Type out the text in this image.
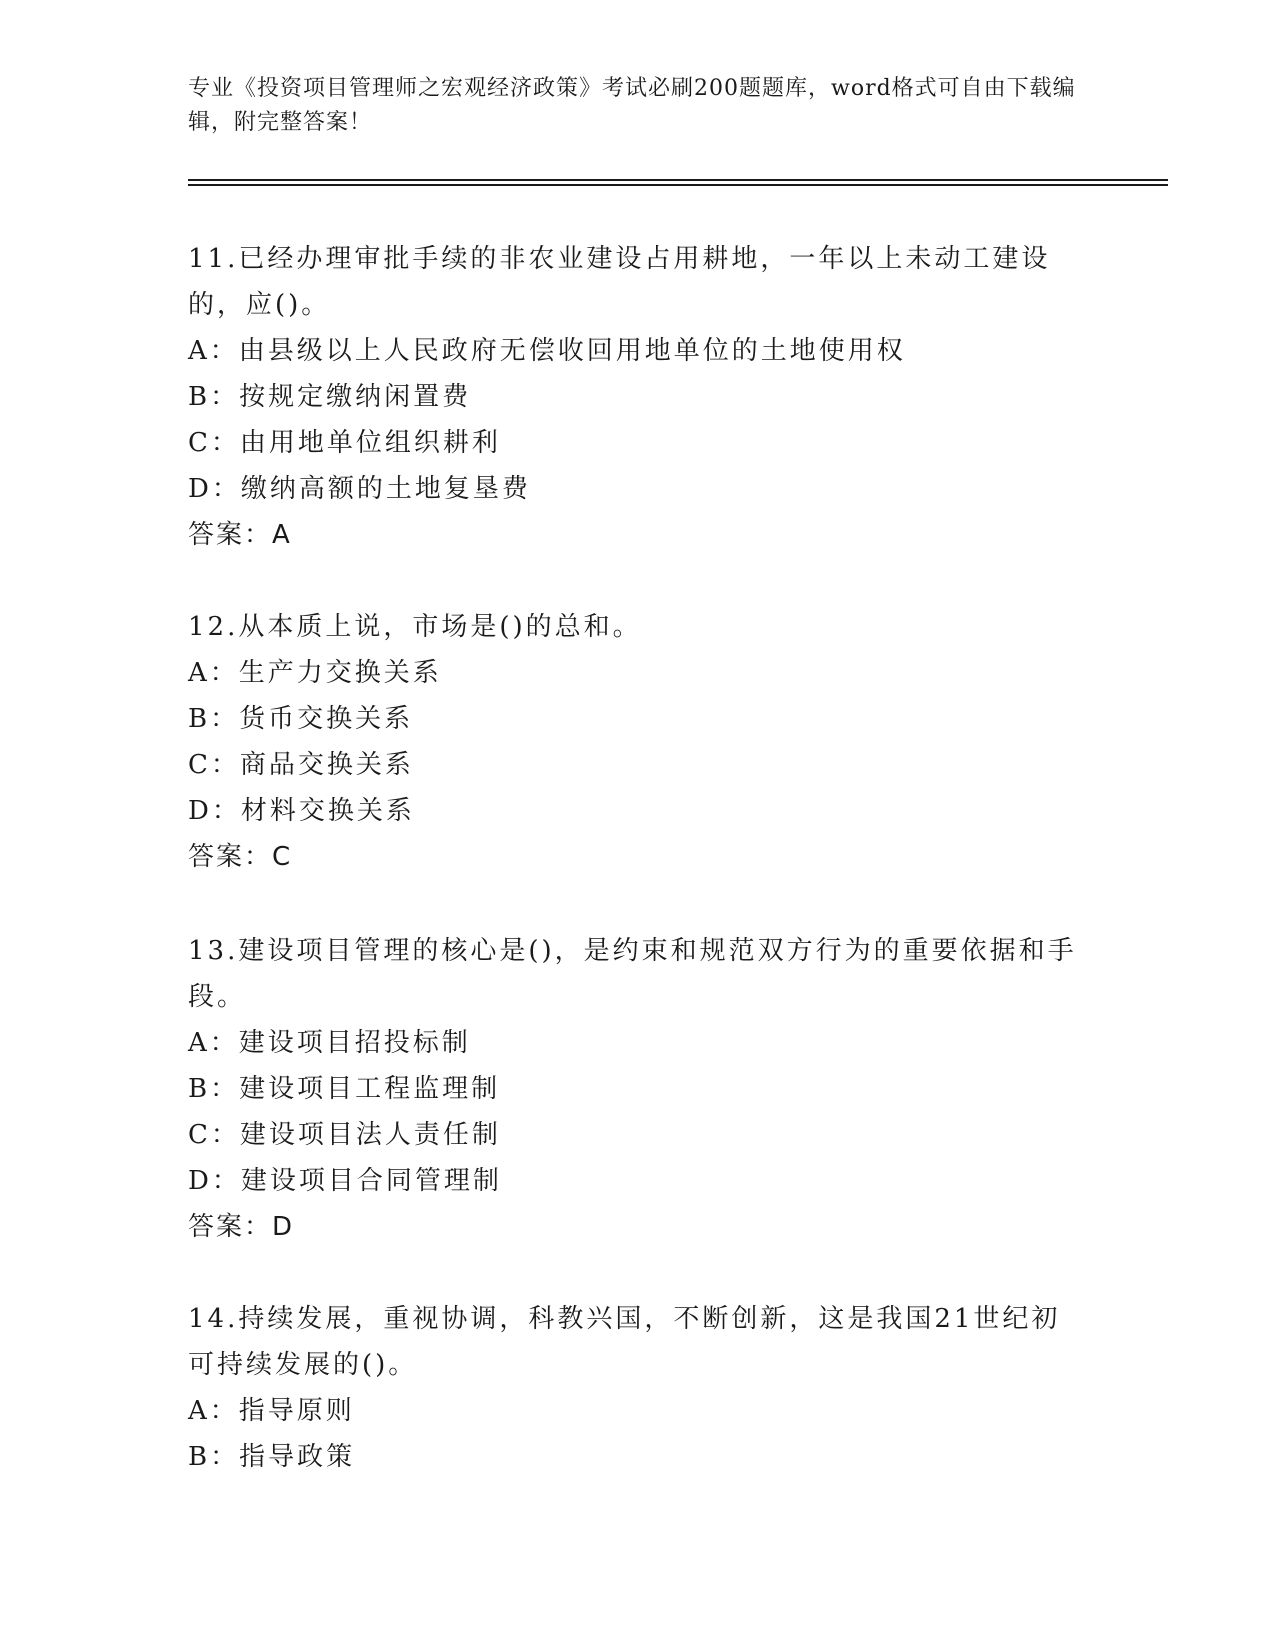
专业《投资项目管理师之宏观经济政策》考试必刷200题题库，word格式可自由下载编辑，附完整答案！
11.已经办理审批手续的非农业建设占用耕地，一年以上未动工建设的，应()。
A：由县级以上人民政府无偿收回用地单位的土地使用权
B：按规定缴纳闲置费
C：由用地单位组织耕利
D：缴纳高额的土地复垦费
答案：A
12.从本质上说，市场是()的总和。
A：生产力交换关系
B：货币交换关系
C：商品交换关系
D：材料交换关系
答案：C
13.建设项目管理的核心是()，是约束和规范双方行为的重要依据和手段。
A：建设项目招投标制
B：建设项目工程监理制
C：建设项目法人责任制
D：建设项目合同管理制
答案：D
14.持续发展，重视协调，科教兴国，不断创新，这是我国21世纪初可持续发展的()。
A：指导原则
B：指导政策
